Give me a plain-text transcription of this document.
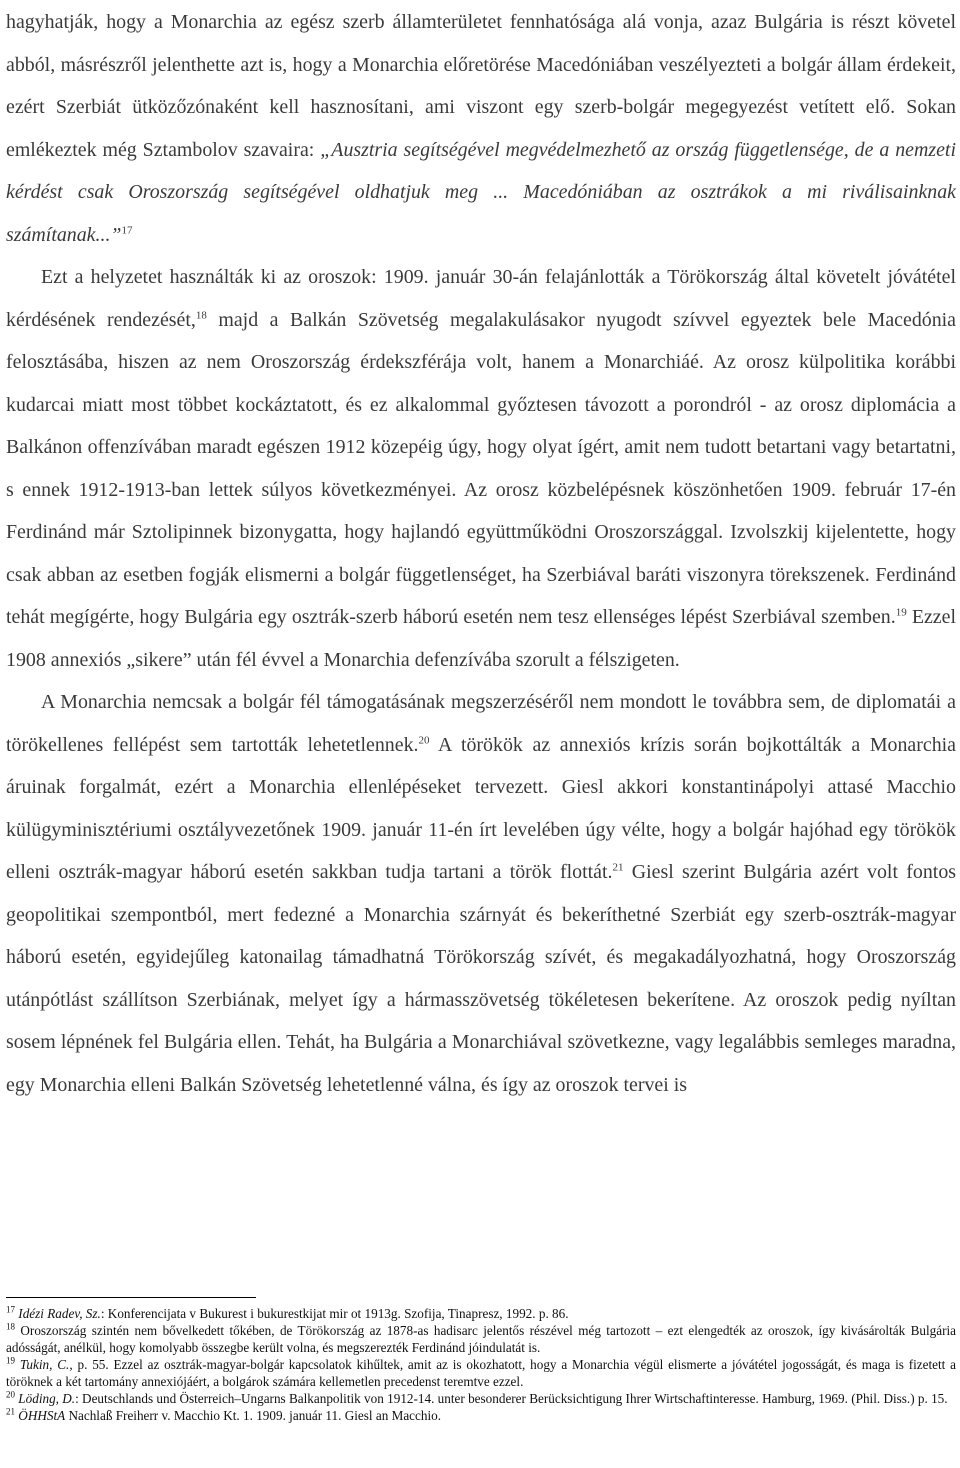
hagyhatják, hogy a Monarchia az egész szerb államterületet fennhatósága alá vonja, azaz Bulgária is részt követel abból, másrészről jelenthette azt is, hogy a Monarchia előretörése Macedóniában veszélyezteti a bolgár állam érdekeit, ezért Szerbiát ütközőzónaként kell hasznosítani, ami viszont egy szerb-bolgár megegyezést vetített elő. Sokan emlékeztek még Sztambolov szavaira: „Ausztria segítségével megvédelmezhető az ország függetlensége, de a nemzeti kérdést csak Oroszország segítségével oldhatjuk meg ... Macedóniában az osztrákok a mi riválisainknak számítanak...”$^{17}$

Ezt a helyzetet használták ki az oroszok: 1909. január 30-án felajánlották a Törökország által követelt jóvátétel kérdésének rendezését,$^{18}$ majd a Balkán Szövetség megalakulásakor nyugodt szívvel egyeztek bele Macedónia felosztásába, hiszen az nem Oroszország érdekszférája volt, hanem a Monarchiáé. Az orosz külpolitika korábbi kudarcai miatt most többet kockáztatott, és ez alkalommal győztesen távozott a porondról - az orosz diplomácia a Balkánon offenzívában maradt egészen 1912 közepéig úgy, hogy olyat ígért, amit nem tudott betartani vagy betartatni, s ennek 1912-1913-ban lettek súlyos következményei. Az orosz közbelépésnek köszönhetően 1909. február 17-én Ferdinánd már Sztolipinnek bizonygatta, hogy hajlandó együttműködni Oroszországgal. Izvolszkij kijelentette, hogy csak abban az esetben fogják elismerni a bolgár függetlenséget, ha Szerbiával baráti viszonyra törekszenek. Ferdinánd tehát megígérte, hogy Bulgária egy osztrák-szerb háború esetén nem tesz ellenséges lépést Szerbiával szemben.$^{19}$ Ezzel 1908 annexiós „sikere” után fél évvel a Monarchia defenzívába szorult a félszigeten.

A Monarchia nemcsak a bolgár fél támogatásának megszerzéséről nem mondott le továbbra sem, de diplomatái a törökellenes fellépést sem tartották lehetetlennek.$^{20}$ A törökök az annexiós krízis során bojkottálták a Monarchia áruinak forgalmát, ezért a Monarchia ellenlépéseket tervezett. Giesl akkori konstantinápolyi attasé Macchio külügyminisztériumi osztályvezetőnek 1909. január 11-én írt levelében úgy vélte, hogy a bolgár hajóhad egy törökök elleni osztrák-magyar háború esetén sakkban tudja tartani a török flottát.$^{21}$ Giesl szerint Bulgária azért volt fontos geopolitikai szempontból, mert fedezné a Monarchia szárnyát és bekeríthetné Szerbiát egy szerb-osztrák-magyar háború esetén, egyidejűleg katonailag támadhatná Törökország szívét, és megakadályozhatná, hogy Oroszország utánpótlást szállítson Szerbiának, melyet így a hármasszövetség tökéletesen bekerítene. Az oroszok pedig nyíltan sosem lépnének fel Bulgária ellen. Tehát, ha Bulgária a Monarchiával szövetkezne, vagy legalábbis semleges maradna, egy Monarchia elleni Balkán Szövetség lehetetlenné válna, és így az oroszok tervei is

$^{17}$ Idézi Radev, Sz.: Konferencijata v Bukurest i bukurestkijat mir ot 1913g. Szofija, Tinapresz, 1992. p. 86.

$^{18}$ Oroszország szintén nem bővelkedett tőkében, de Törökország az 1878-as hadisarc jelentős részével még tartozott – ezt elengedték az oroszok, így kivásárolták Bulgária adósságát, anélkül, hogy komolyabb összegbe került volna, és megszerezték Ferdinánd jóindulatát is.

$^{19}$ Tukin, C., p. 55. Ezzel az osztrák-magyar-bolgár kapcsolatok kihűltek, amit az is okozhatott, hogy a Monarchia végül elismerte a jóvátétel jogosságát, és maga is fizetett a töröknek a két tartomány annexiójáért, a bolgárok számára kellemetlen precedenst teremtve ezzel.

$^{20}$ Löding, D.: Deutschlands und Österreich–Ungarns Balkanpolitik von 1912-14. unter besonderer Berücksichtigung Ihrer Wirtschaftinteresse. Hamburg, 1969. (Phil. Diss.) p. 15.

$^{21}$ ÖHHStA Nachlaß Freiherr v. Macchio Kt. 1. 1909. január 11. Giesl an Macchio.
